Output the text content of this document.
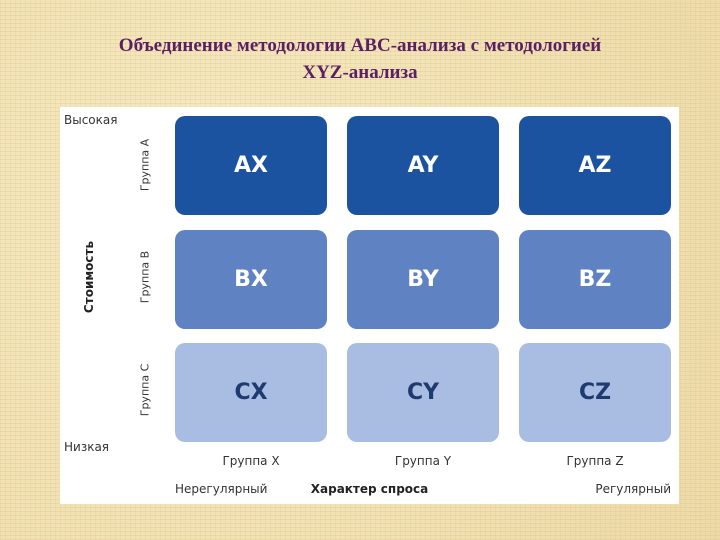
Объединение методологии ABC-анализа с методологией
XYZ-анализа
Высокая
Низкая
Стоимость
Группа A
Группа B
Группа C
AX	AY	AZ
BX	BY	BZ
CX	CY	CZ
Группа X	Группа Y	Группа Z
Нерегулярный	Характер спроса	Регулярный
